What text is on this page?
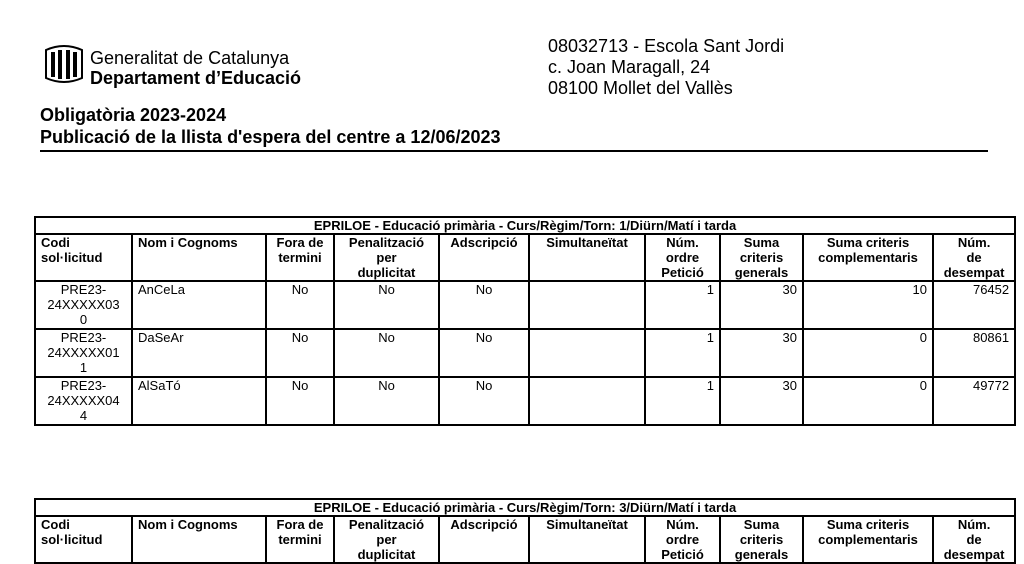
Generalitat de Catalunya
Departament d’Educació
08032713 - Escola Sant Jordi
c. Joan Maragall, 24
08100 Mollet del Vallès
Obligatòria 2023-2024
Publicació de la llista d'espera del centre a 12/06/2023
EPRILOE - Educació primària - Curs/Règim/Torn: 1/Diürn/Matí i tarda									
Codi
sol·licitud	Nom i Cognoms	Fora de
termini	Penalització
per
duplicitat	Adscripció	Simultaneïtat	Núm.
ordre
Petició	Suma
criteris
generals	Suma criteris
complementaris	Núm.
de
desempat
PRE23-
24XXXXX03
0	AnCeLa	No	No	No		1	30	10	76452
PRE23-
24XXXXX01
1	DaSeAr	No	No	No		1	30	0	80861
PRE23-
24XXXXX04
4	AlSaTó	No	No	No		1	30	0	49772
EPRILOE - Educació primària - Curs/Règim/Torn: 3/Diürn/Matí i tarda
Codi
sol·licitud	Nom i Cognoms	Fora de
termini	Penalització
per
duplicitat	Adscripció	Simultaneïtat	Núm.
ordre
Petició	Suma
criteris
generals	Suma criteris
complementaris	Núm.
de
desempat
